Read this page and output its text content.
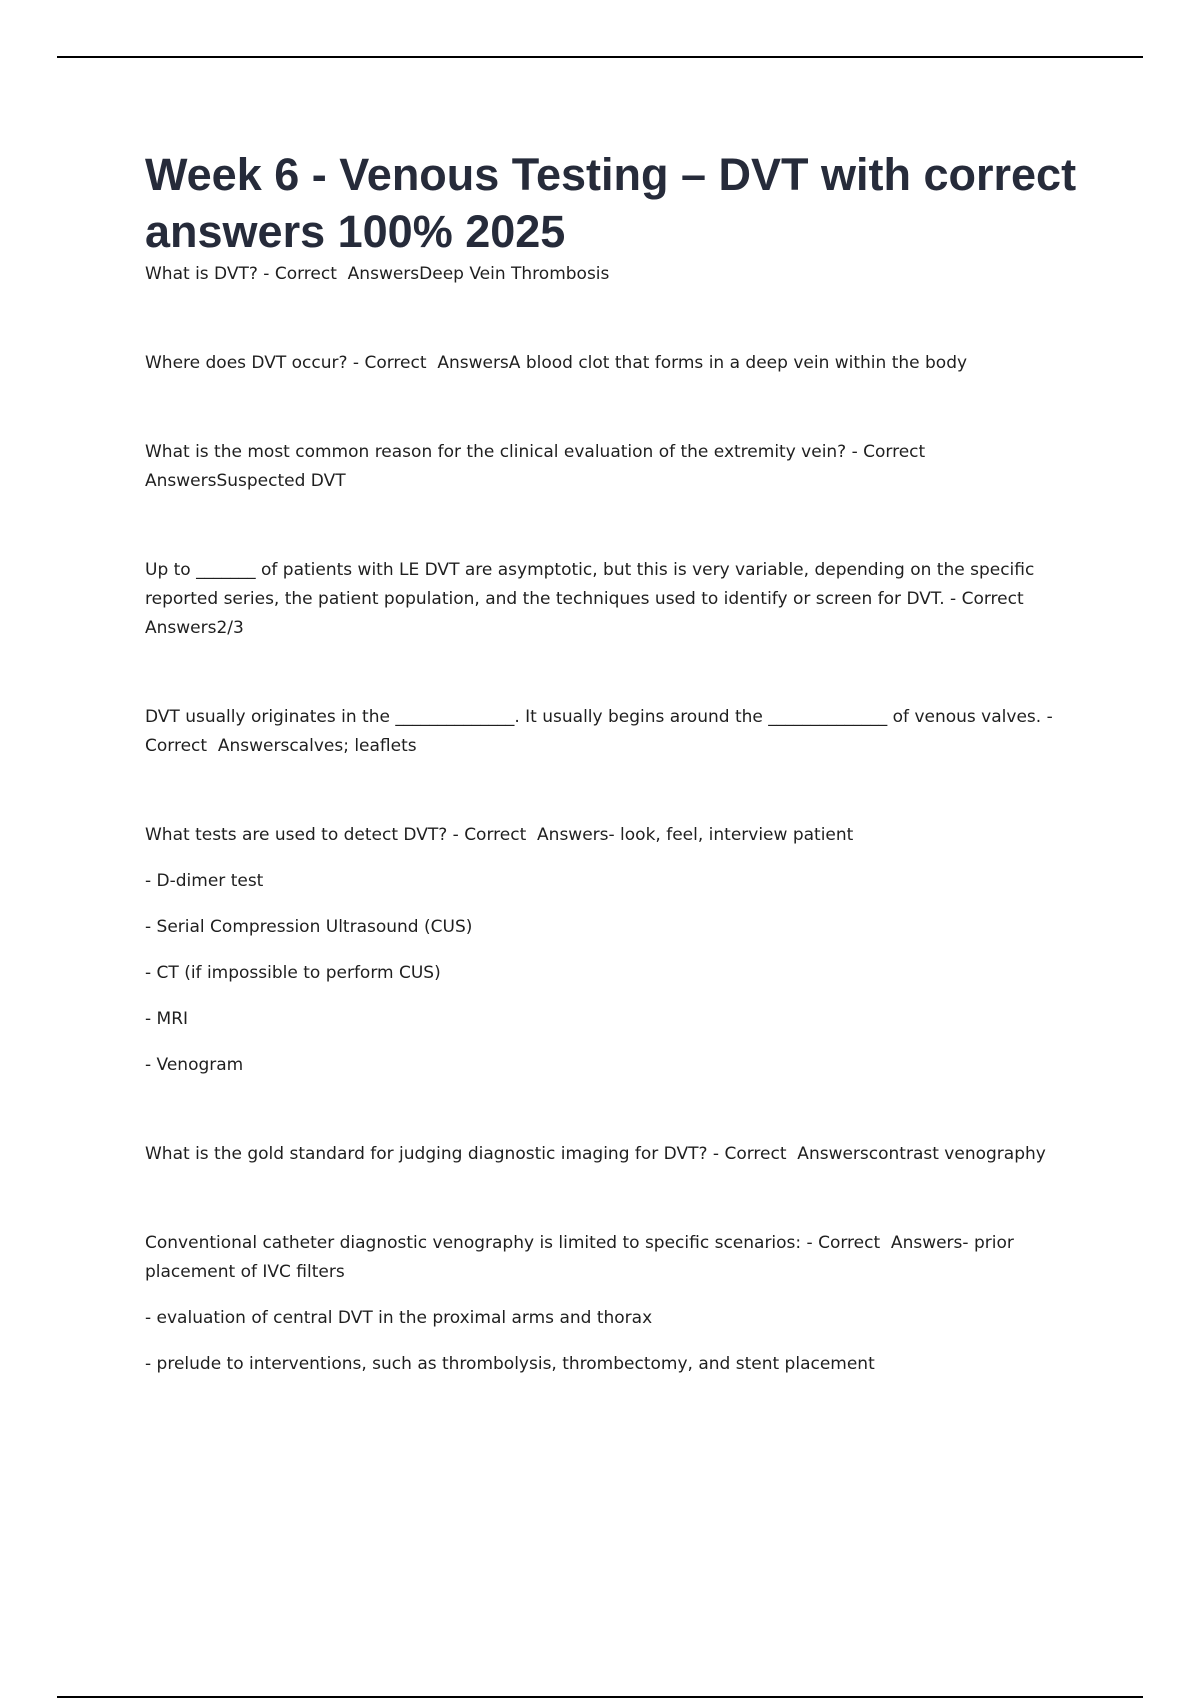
Week 6 - Venous Testing – DVT with correct answers 100% 2025

What is DVT? - Correct  AnswersDeep Vein Thrombosis

Where does DVT occur? - Correct  AnswersA blood clot that forms in a deep vein within the body

What is the most common reason for the clinical evaluation of the extremity vein? - Correct  AnswersSuspected DVT

Up to _______ of patients with LE DVT are asymptotic, but this is very variable, depending on the specific reported series, the patient population, and the techniques used to identify or screen for DVT. - Correct  Answers2/3

DVT usually originates in the ______________. It usually begins around the ______________ of venous valves. - Correct  Answerscalves; leaflets

What tests are used to detect DVT? - Correct  Answers- look, feel, interview patient

- D-dimer test

- Serial Compression Ultrasound (CUS)

- CT (if impossible to perform CUS)

- MRI

- Venogram

What is the gold standard for judging diagnostic imaging for DVT? - Correct  Answerscontrast venography

Conventional catheter diagnostic venography is limited to specific scenarios: - Correct  Answers- prior placement of IVC filters

- evaluation of central DVT in the proximal arms and thorax

- prelude to interventions, such as thrombolysis, thrombectomy, and stent placement
